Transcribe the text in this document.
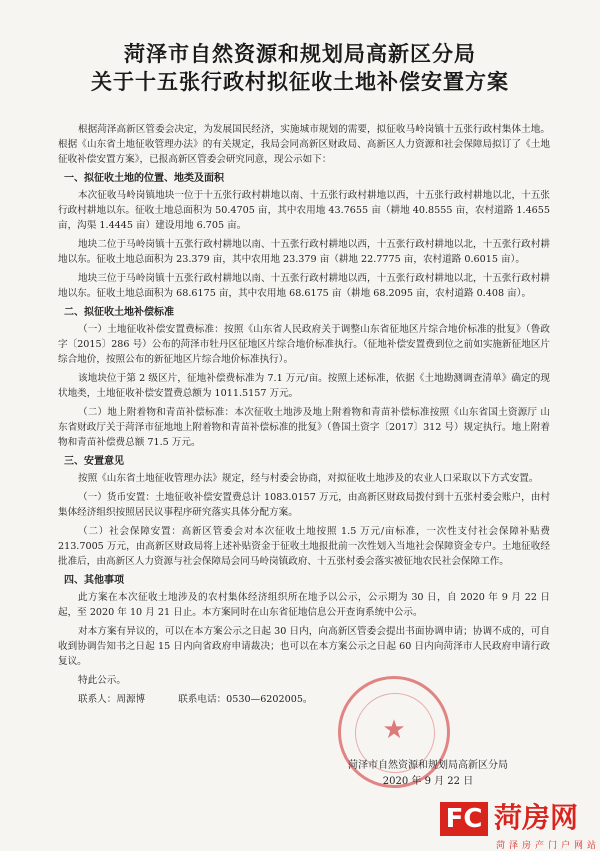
菏泽市自然资源和规划局高新区分局
关于十五张行政村拟征收土地补偿安置方案

根据菏泽高新区管委会决定，为发展国民经济，实施城市规划的需要，拟征收马岭岗镇十五张行政村集体土地。根据《山东省土地征收管理办法》的有关规定，我局会同高新区财政局、高新区人力资源和社会保障局拟订了《土地征收补偿安置方案》，已报高新区管委会研究同意，现公示如下：

一、拟征收土地的位置、地类及面积

本次征收马岭岗镇地块一位于十五张行政村耕地以南、十五张行政村耕地以西，十五张行政村耕地以北，十五张行政村耕地以东。征收土地总面积为 50.4705 亩，其中农用地 43.7655 亩（耕地 40.8555 亩，农村道路 1.4655 亩，沟渠 1.4445 亩）建设用地 6.705 亩。

地块二位于马岭岗镇十五张行政村耕地以南、十五张行政村耕地以西，十五张行政村耕地以北，十五张行政村耕地以东。征收土地总面积为 23.379 亩，其中农用地 23.379 亩（耕地 22.7775 亩，农村道路 0.6015 亩）。

地块三位于马岭岗镇十五张行政村耕地以南、十五张行政村耕地以西，十五张行政村耕地以北，十五张行政村耕地以东。征收土地总面积为 68.6175 亩，其中农用地 68.6175 亩（耕地 68.2095 亩，农村道路 0.408 亩）。

二、拟征收土地补偿标准

（一）土地征收补偿安置费标准：按照《山东省人民政府关于调整山东省征地区片综合地价标准的批复》（鲁政字〔2015〕286 号）公布的菏泽市牡丹区征地区片综合地价标准执行。（征地补偿安置费到位之前如实施新征地区片综合地价，按照公布的新征地区片综合地价标准执行）。

该地块位于第 2 级区片，征地补偿费标准为 7.1 万元/亩。按照上述标准，依据《土地勘测调查清单》确定的现状地类，土地征收补偿安置费总额为 1011.5157 万元。

（二）地上附着物和青苗补偿标准：本次征收土地涉及地上附着物和青苗补偿标准按照《山东省国土资源厅 山东省财政厅关于菏泽市征地地上附着物和青苗补偿标准的批复》（鲁国土资字〔2017〕312 号）规定执行。地上附着物和青苗补偿费总额 71.5 万元。

三、安置意见

按照《山东省土地征收管理办法》规定，经与村委会协商，对拟征收土地涉及的农业人口采取以下方式安置。

（一）货币安置：土地征收补偿安置费总计 1083.0157 万元，由高新区财政局拨付到十五张村委会账户，由村集体经济组织按照居民议事程序研究落实具体分配方案。

（二）社会保障安置：高新区管委会对本次征收土地按照 1.5 万元/亩标准，一次性支付社会保障补贴费 213.7005 万元，由高新区财政局将上述补贴资金于征收土地报批前一次性划入当地社会保障资金专户。土地征收经批准后，由高新区人力资源与社会保障局会同马岭岗镇政府、十五张村委会落实被征地农民社会保障工作。

四、其他事项

此方案在本次征收土地涉及的农村集体经济组织所在地予以公示，公示期为 30 日，自 2020 年 9 月 22 日起，至 2020 年 10 月 21 日止。本方案同时在山东省征地信息公开查询系统中公示。

对本方案有异议的，可以在本方案公示之日起 30 日内，向高新区管委会提出书面协调申请；协调不成的，可自收到协调告知书之日起 15 日内向省政府申请裁决；也可以在本方案公示之日起 60 日内向菏泽市人民政府申请行政复议。

特此公示。

联系人：周源博	联系电话：0530—6202005。

★
菏泽市自然资源和规划局高新区分局
2020 年 9 月 22 日
FC 菏房网
菏泽房产门户网站
